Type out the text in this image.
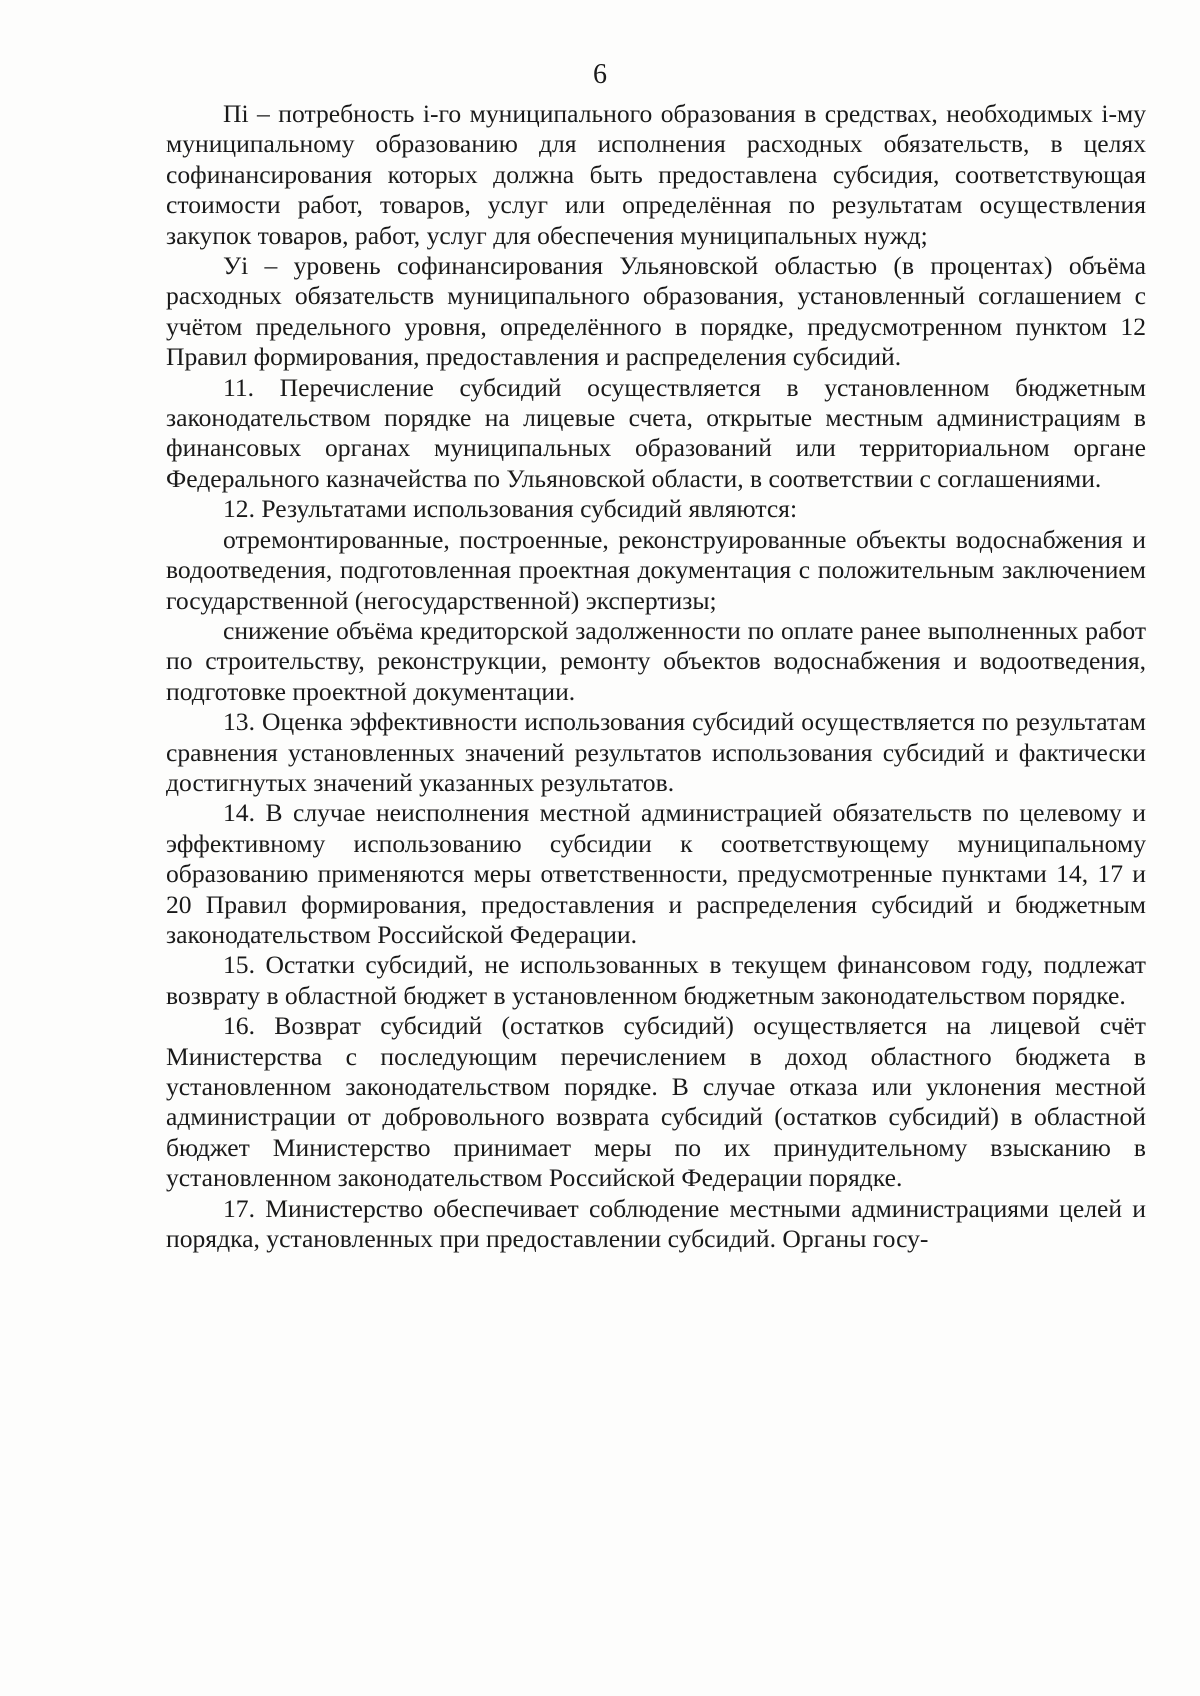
6

Пi – потребность i-го муниципального образования в средствах, необходимых i-му муниципальному образованию для исполнения расходных обязательств, в целях софинансирования которых должна быть предоставлена субсидия, соответствующая стоимости работ, товаров, услуг или определённая по результатам осуществления закупок товаров, работ, услуг для обеспечения муниципальных нужд;

Уi – уровень софинансирования Ульяновской областью (в процентах) объёма расходных обязательств муниципального образования, установленный соглашением с учётом предельного уровня, определённого в порядке, предусмотренном пунктом 12 Правил формирования, предоставления и распределения субсидий.

11. Перечисление субсидий осуществляется в установленном бюджетным законодательством порядке на лицевые счета, открытые местным администрациям в финансовых органах муниципальных образований или территориальном органе Федерального казначейства по Ульяновской области, в соответствии с соглашениями.

12. Результатами использования субсидий являются:

отремонтированные, построенные, реконструированные объекты водоснабжения и водоотведения, подготовленная проектная документация с положительным заключением государственной (негосударственной) экспертизы;

снижение объёма кредиторской задолженности по оплате ранее выполненных работ по строительству, реконструкции, ремонту объектов водоснабжения и водоотведения, подготовке проектной документации.

13. Оценка эффективности использования субсидий осуществляется по результатам сравнения установленных значений результатов использования субсидий и фактически достигнутых значений указанных результатов.

14. В случае неисполнения местной администрацией обязательств по целевому и эффективному использованию субсидии к соответствующему муниципальному образованию применяются меры ответственности, предусмотренные пунктами 14, 17 и 20 Правил формирования, предоставления и распределения субсидий и бюджетным законодательством Российской Федерации.

15. Остатки субсидий, не использованных в текущем финансовом году, подлежат возврату в областной бюджет в установленном бюджетным законодательством порядке.

16. Возврат субсидий (остатков субсидий) осуществляется на лицевой счёт Министерства с последующим перечислением в доход областного бюджета в установленном законодательством порядке. В случае отказа или уклонения местной администрации от добровольного возврата субсидий (остатков субсидий) в областной бюджет Министерство принимает меры по их принудительному взысканию в установленном законодательством Российской Федерации порядке.

17. Министерство обеспечивает соблюдение местными администрациями целей и порядка, установленных при предоставлении субсидий. Органы госу-
